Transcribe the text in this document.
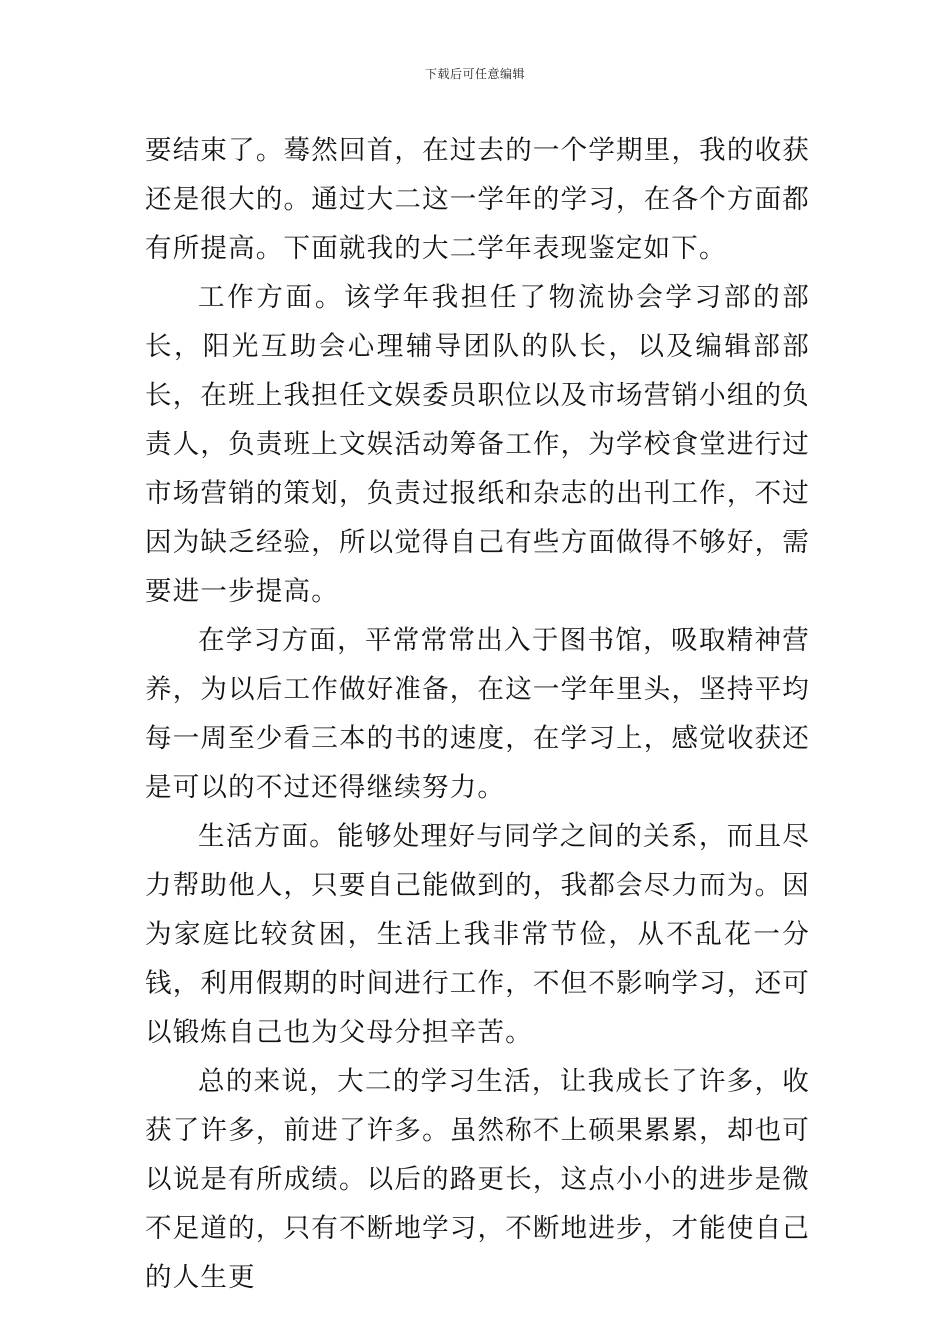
下载后可任意编辑

要结束了。蓦然回首，在过去的一个学期里，我的收获还是很大的。通过大二这一学年的学习，在各个方面都有所提高。下面就我的大二学年表现鉴定如下。

工作方面。该学年我担任了物流协会学习部的部长，阳光互助会心理辅导团队的队长，以及编辑部部长，在班上我担任文娱委员职位以及市场营销小组的负责人，负责班上文娱活动筹备工作，为学校食堂进行过市场营销的策划，负责过报纸和杂志的出刊工作，不过因为缺乏经验，所以觉得自己有些方面做得不够好，需要进一步提高。

在学习方面，平常常常出入于图书馆，吸取精神营养，为以后工作做好准备，在这一学年里头，坚持平均每一周至少看三本的书的速度，在学习上，感觉收获还是可以的不过还得继续努力。

生活方面。能够处理好与同学之间的关系，而且尽力帮助他人，只要自己能做到的，我都会尽力而为。因为家庭比较贫困，生活上我非常节俭，从不乱花一分钱，利用假期的时间进行工作，不但不影响学习，还可以锻炼自己也为父母分担辛苦。

总的来说，大二的学习生活，让我成长了许多，收获了许多，前进了许多。虽然称不上硕果累累，却也可以说是有所成绩。以后的路更长，这点小小的进步是微不足道的，只有不断地学习，不断地进步，才能使自己的人生更
